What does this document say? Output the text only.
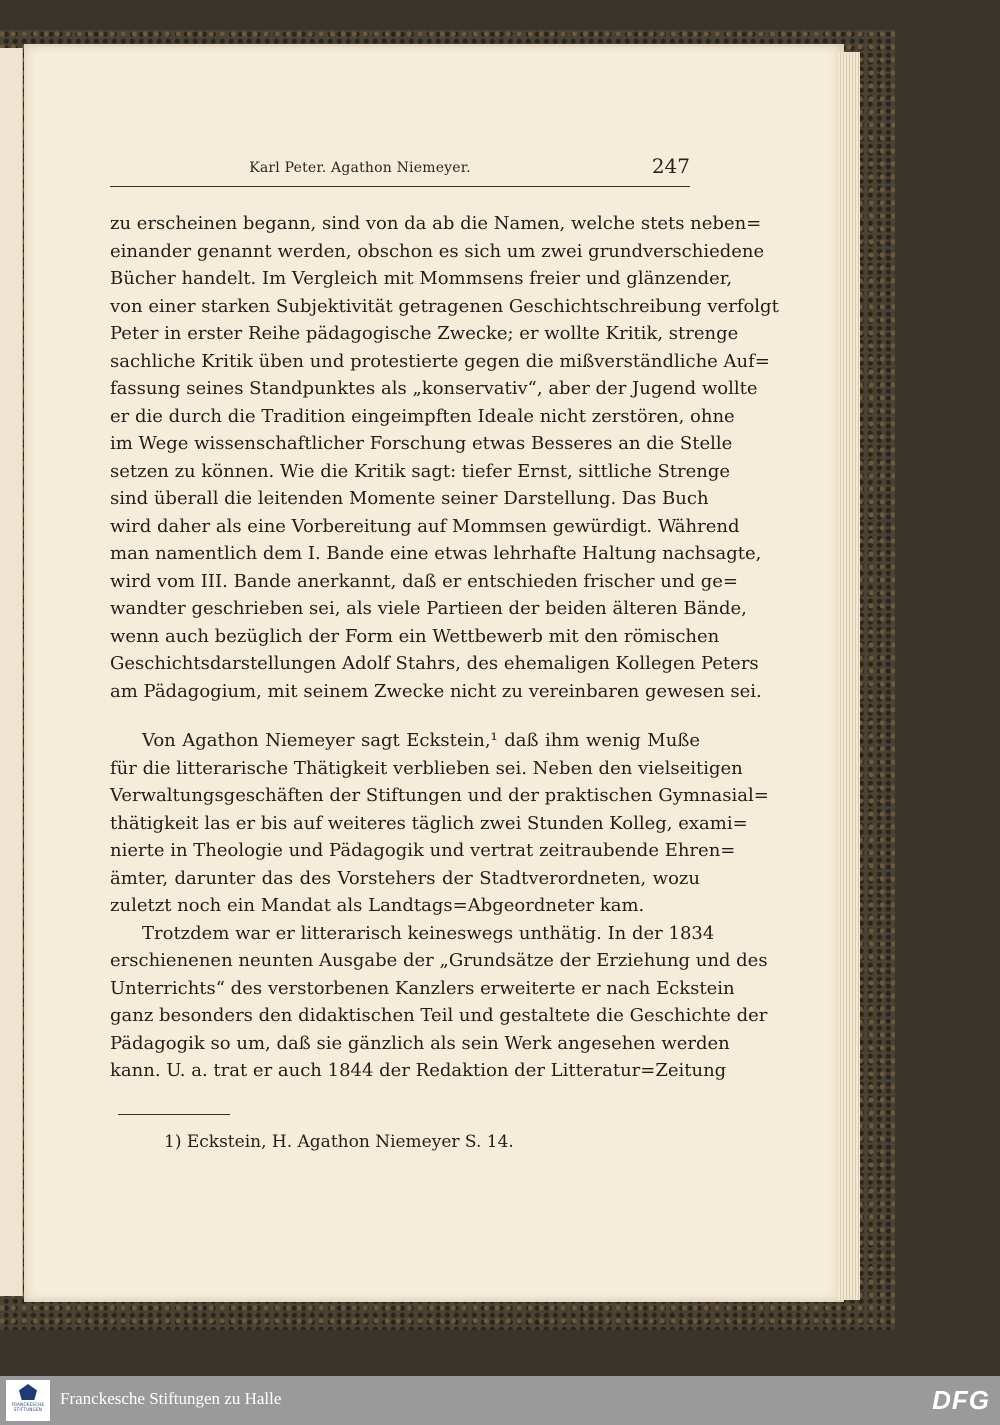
Karl Peter. Agathon Niemeyer.	247
zu erscheinen begann, sind von da ab die Namen, welche stets neben=
einander genannt werden, obschon es sich um zwei grundverschiedene
Bücher handelt. Im Vergleich mit Mommsens freier und glänzender,
von einer starken Subjektivität getragenen Geschichtschreibung verfolgt
Peter in erster Reihe pädagogische Zwecke; er wollte Kritik, strenge
sachliche Kritik üben und protestierte gegen die mißverständliche Auf=
fassung seines Standpunktes als „konservativ“, aber der Jugend wollte
er die durch die Tradition eingeimpften Ideale nicht zerstören, ohne
im Wege wissenschaftlicher Forschung etwas Besseres an die Stelle
setzen zu können. Wie die Kritik sagt: tiefer Ernst, sittliche Strenge
sind überall die leitenden Momente seiner Darstellung. Das Buch
wird daher als eine Vorbereitung auf Mommsen gewürdigt. Während
man namentlich dem I. Bande eine etwas lehrhafte Haltung nachsagte,
wird vom III. Bande anerkannt, daß er entschieden frischer und ge=
wandter geschrieben sei, als viele Partieen der beiden älteren Bände,
wenn auch bezüglich der Form ein Wettbewerb mit den römischen
Geschichtsdarstellungen Adolf Stahrs, des ehemaligen Kollegen Peters
am Pädagogium, mit seinem Zwecke nicht zu vereinbaren gewesen sei.
Von Agathon Niemeyer sagt Eckstein,¹ daß ihm wenig Muße
für die litterarische Thätigkeit verblieben sei. Neben den vielseitigen
Verwaltungsgeschäften der Stiftungen und der praktischen Gymnasial=
thätigkeit las er bis auf weiteres täglich zwei Stunden Kolleg, exami=
nierte in Theologie und Pädagogik und vertrat zeitraubende Ehren=
ämter, darunter das des Vorstehers der Stadtverordneten, wozu
zuletzt noch ein Mandat als Landtags=Abgeordneter kam.
Trotzdem war er litterarisch keineswegs unthätig. In der 1834
erschienenen neunten Ausgabe der „Grundsätze der Erziehung und des
Unterrichts“ des verstorbenen Kanzlers erweiterte er nach Eckstein
ganz besonders den didaktischen Teil und gestaltete die Geschichte der
Pädagogik so um, daß sie gänzlich als sein Werk angesehen werden
kann. U. a. trat er auch 1844 der Redaktion der Litteratur=Zeitung
1) Eckstein, H. Agathon Niemeyer S. 14.
FRANCKESCHE STIFTUNGEN
Franckesche Stiftungen zu Halle	DFG
